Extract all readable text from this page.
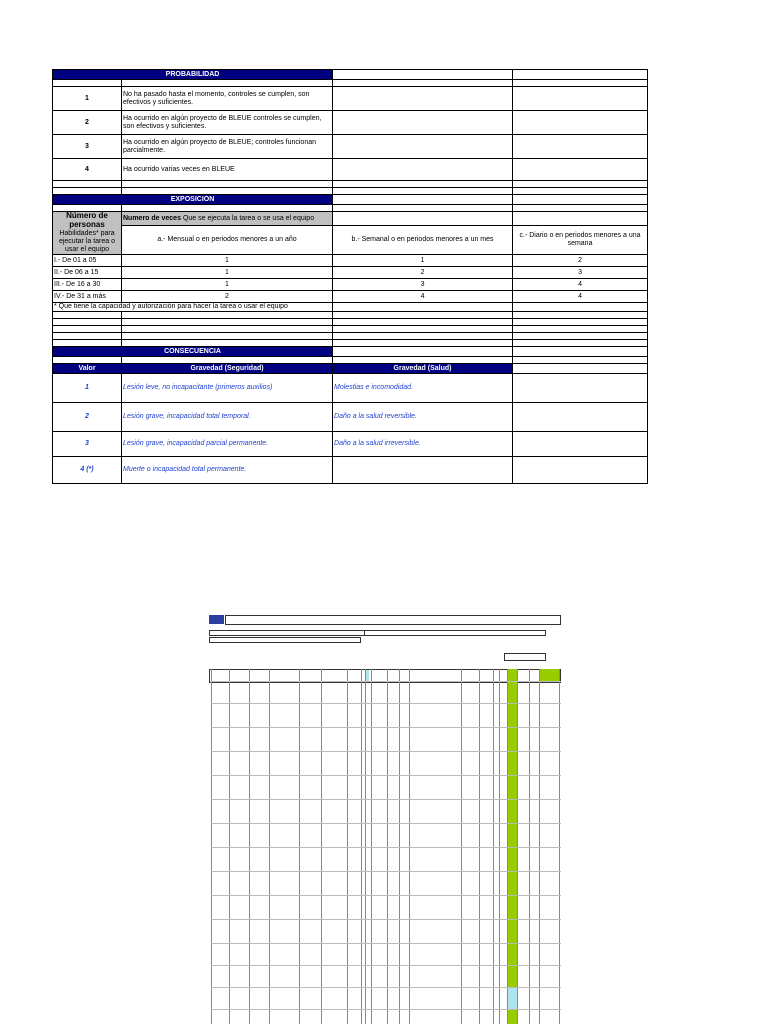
PROBABILIDAD			

1	No ha pasado hasta el momento, controles se cumplen, son efectivos y suficientes.		
2	Ha ocurrido en algún proyecto de BLEUE controles se cumplen, son efectivos y suficientes.		
3	Ha ocurrido en algún proyecto de BLEUE; controles funcionan parcialmente.		
4	Ha ocurrido varias veces en BLEUE		

EXPOSICIÓN			

Número de personas
Habilidades* para ejecutar la tarea o usar el equipo	Numero de veces Que se ejecuta la tarea o se usa el equipo		
	a.- Mensual o en periodos menores a un año	b.- Semanal o en periodos menores a un mes	c.- Diario o en periodos menores a una semana
I.- De 01 a 05	1	1	2
II.- De 06 a 15	1	2	3
III.- De 16 a 30	1	3	4
IV.- De 31 a más	2	4	4
* Que tiene la capacidad y autorización para hacer la tarea o usar el equipo			

CONSECUENCIA			

Valor	Gravedad (Seguridad)	Gravedad (Salud)	
1	Lesión leve, no incapacitante (primeros auxilios)	Molestias e incomodidad.	
2	Lesión grave, incapacidad total temporal.	Daño a la salud reversible.	
3	Lesión grave, incapacidad parcial permanente.	Daño a la salud irreversible.	
4 (*)	Muerte o incapacidad total permanente.		
